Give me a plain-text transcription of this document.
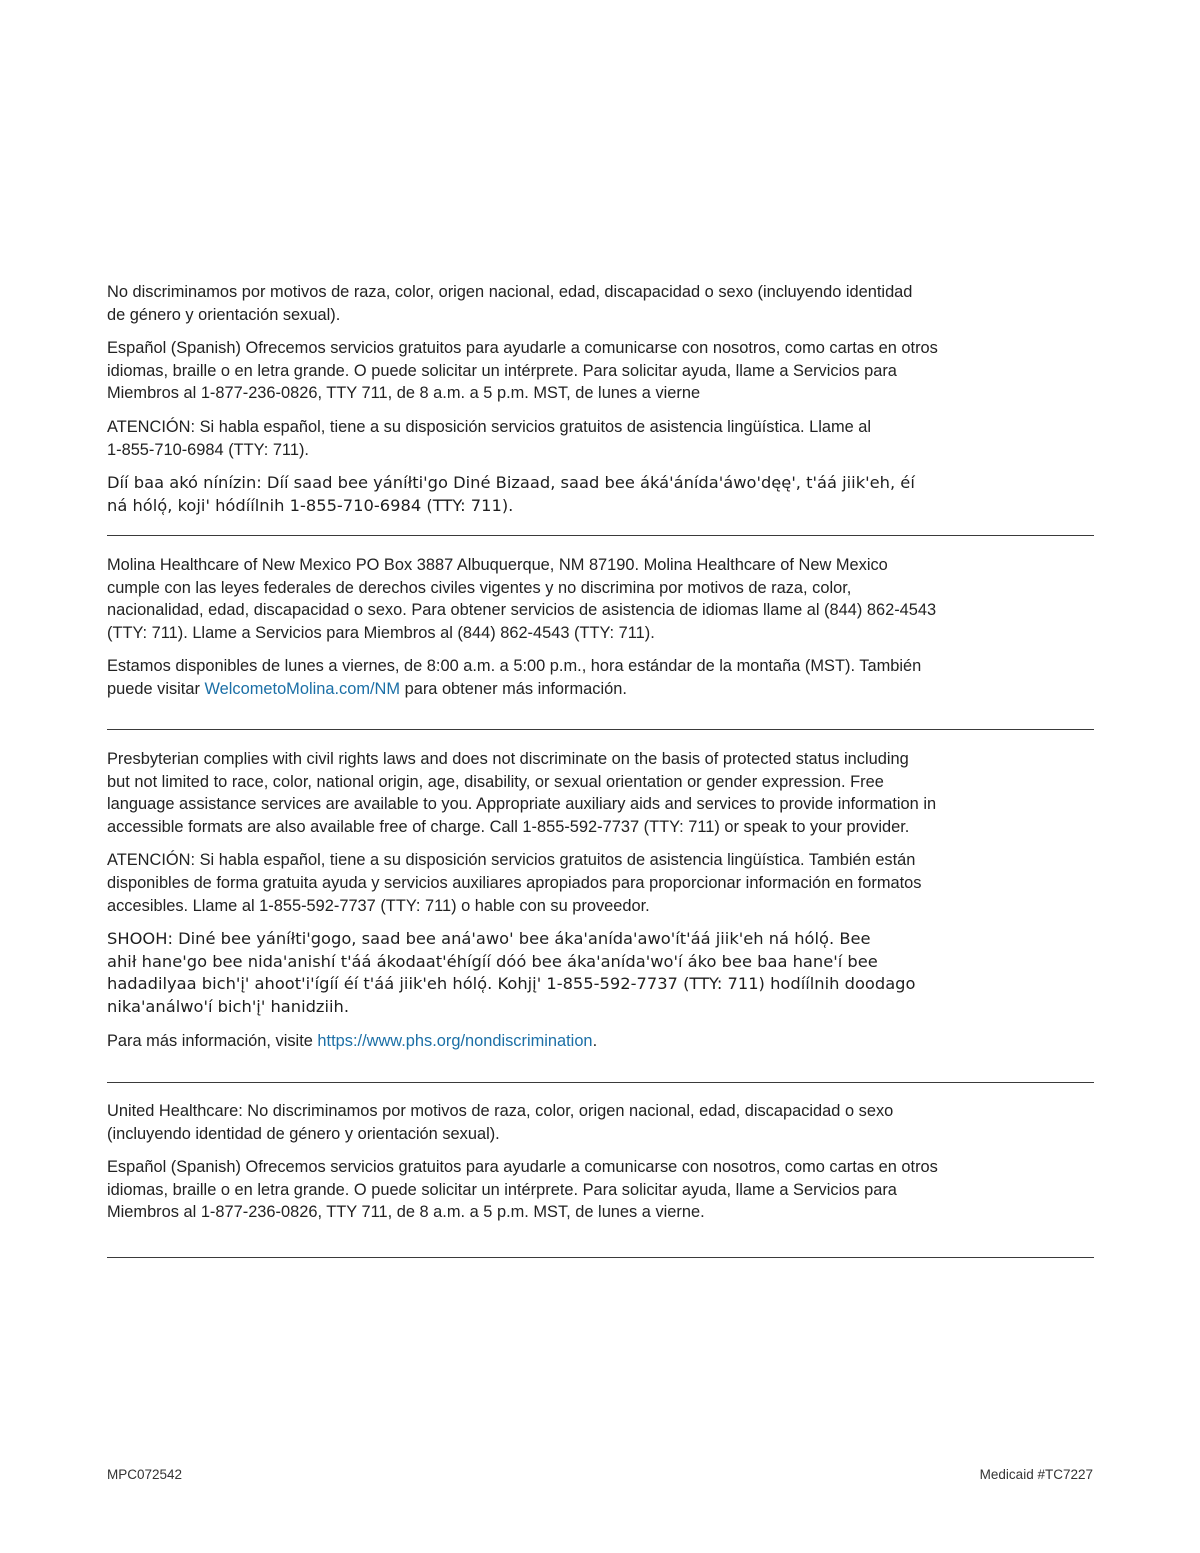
No discriminamos por motivos de raza, color, origen nacional, edad, discapacidad o sexo (incluyendo identidad
de género y orientación sexual).

Español (Spanish) Ofrecemos servicios gratuitos para ayudarle a comunicarse con nosotros, como cartas en otros
idiomas, braille o en letra grande. O puede solicitar un intérprete. Para solicitar ayuda, llame a Servicios para
Miembros al 1-877-236-0826, TTY 711, de 8 a.m. a 5 p.m. MST, de lunes a vierne

ATENCIÓN: Si habla español, tiene a su disposición servicios gratuitos de asistencia lingüística. Llame al
1-855-710-6984 (TTY: 711).

Díí baa akó nínízin: Díí saad bee yáníłti'go Diné Bizaad, saad bee áká'ánída'áwo'dęę', t'áá jiik'eh, éí
ná hóló̜, koji' hódíílnih 1-855-710-6984 (TTY: 711).

Molina Healthcare of New Mexico PO Box 3887 Albuquerque, NM 87190. Molina Healthcare of New Mexico
cumple con las leyes federales de derechos civiles vigentes y no discrimina por motivos de raza, color,
nacionalidad, edad, discapacidad o sexo. Para obtener servicios de asistencia de idiomas llame al (844) 862-4543
(TTY: 711). Llame a Servicios para Miembros al (844) 862-4543 (TTY: 711).

Estamos disponibles de lunes a viernes, de 8:00 a.m. a 5:00 p.m., hora estándar de la montaña (MST). También
puede visitar WelcometoMolina.com/NM para obtener más información.

Presbyterian complies with civil rights laws and does not discriminate on the basis of protected status including
but not limited to race, color, national origin, age, disability, or sexual orientation or gender expression. Free
language assistance services are available to you. Appropriate auxiliary aids and services to provide information in
accessible formats are also available free of charge. Call 1-855-592-7737 (TTY: 711) or speak to your provider.

ATENCIÓN: Si habla español, tiene a su disposición servicios gratuitos de asistencia lingüística. También están
disponibles de forma gratuita ayuda y servicios auxiliares apropiados para proporcionar información en formatos
accesibles. Llame al 1-855-592-7737 (TTY: 711) o hable con su proveedor.

SHOOH: Diné bee yáníłti'gogo, saad bee aná'awo' bee áka'anída'awo'ít'áá jiik'eh ná hóló̜. Bee
ahił hane'go bee nida'anishí t'áá ákodaat'éhígíí dóó bee áka'anída'wo'í áko bee baa hane'í bee
hadadilyaa bich'į' ahoot'i'ígíí éí t'áá jiik'eh hóló̜. Kohjį' 1-855-592-7737 (TTY: 711) hodíílnih doodago
nika'análwo'í bich'į' hanidziih.

Para más información, visite https://www.phs.org/nondiscrimination.

United Healthcare: No discriminamos por motivos de raza, color, origen nacional, edad, discapacidad o sexo
(incluyendo identidad de género y orientación sexual).

Español (Spanish) Ofrecemos servicios gratuitos para ayudarle a comunicarse con nosotros, como cartas en otros
idiomas, braille o en letra grande. O puede solicitar un intérprete. Para solicitar ayuda, llame a Servicios para
Miembros al 1-877-236-0826, TTY 711, de 8 a.m. a 5 p.m. MST, de lunes a vierne.

MPC072542	Medicaid #TC7227
